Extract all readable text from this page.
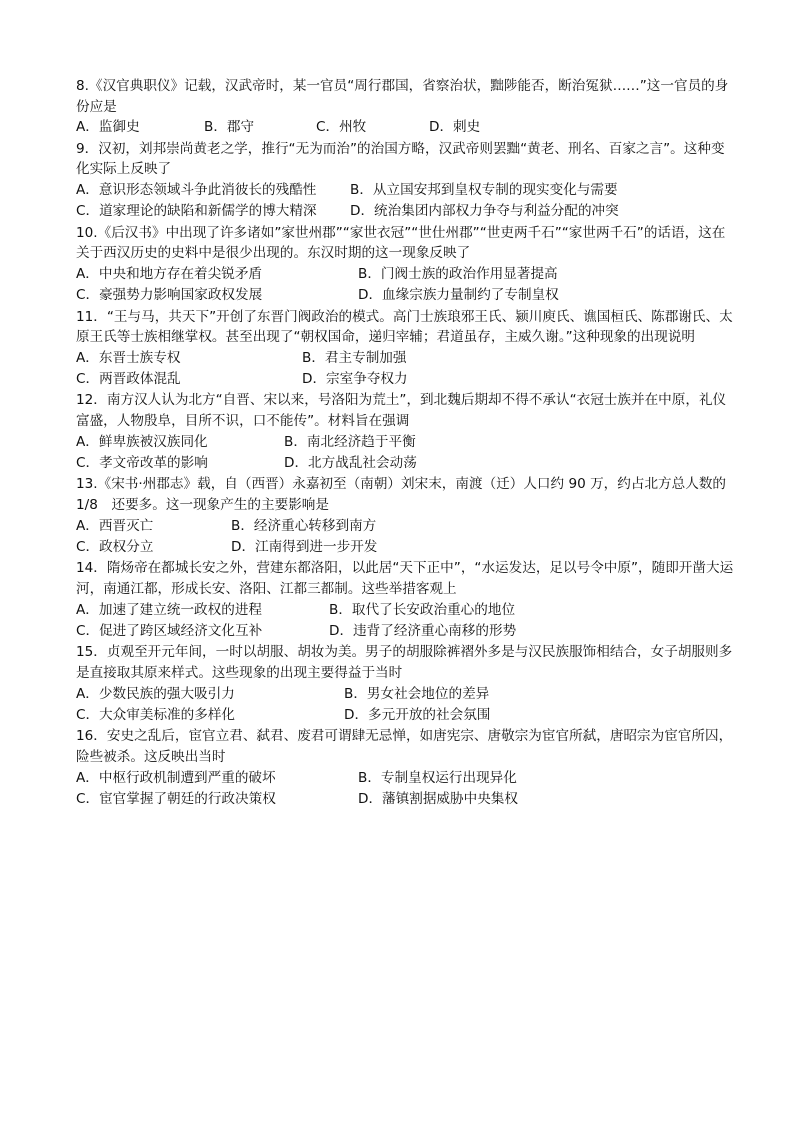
8.《汉官典职仪》记载，汉武帝时，某一官员“周行郡国，省察治状，黜陟能否，断治冤狱……”这一官员的身份应是
A．监御史	B．郡守	C．州牧	D．刺史
9．汉初，刘邦崇尚黄老之学，推行“无为而治”的治国方略，汉武帝则罢黜“黄老、刑名、百家之言”。这种变化实际上反映了
A．意识形态领域斗争此消彼长的残酷性 B．从立国安邦到皇权专制的现实变化与需要
C．道家理论的缺陷和新儒学的博大精深 D．统治集团内部权力争夺与利益分配的冲突
10.《后汉书》中出现了许多诸如”家世州郡”“家世衣冠”“世仕州郡”“世吏两千石”“家世两千石”的话语，这在关于西汉历史的史料中是很少出现的。东汉时期的这一现象反映了
A．中央和地方存在着尖锐矛盾	B．门阀士族的政治作用显著提高
C．豪强势力影响国家政权发展	D．血缘宗族力量制约了专制皇权
11．“王与马，共天下”开创了东晋门阀政治的模式。高门士族琅邪王氏、颍川庾氏、谯国桓氏、陈郡谢氏、太原王氏等士族相继掌权。甚至出现了“朝权国命，递归宰辅；君道虽存，主威久谢。”这种现象的出现说明
A．东晋士族专权	B．君主专制加强
C．两晋政体混乱	D．宗室争夺权力
12．南方汉人认为北方“自晋、宋以来，号洛阳为荒土”，到北魏后期却不得不承认“衣冠士族并在中原，礼仪富盛，人物殷阜，目所不识，口不能传”。材料旨在强调
A．鲜卑族被汉族同化	B．南北经济趋于平衡
C．孝文帝改革的影响	D．北方战乱社会动荡
13.《宋书·州郡志》载，自（西晋）永嘉初至（南朝）刘宋末，南渡（迁）人口约 90 万，约占北方总人数的 1/8　还要多。这一现象产生的主要影响是
A．西晋灭亡	B．经济重心转移到南方
C．政权分立	D．江南得到进一步开发
14．隋炀帝在都城长安之外，营建东都洛阳，以此居“天下正中”，“水运发达，足以号令中原”，随即开凿大运河，南通江都，形成长安、洛阳、江都三都制。这些举措客观上
A．加速了建立统一政权的进程	B．取代了长安政治重心的地位
C．促进了跨区域经济文化互补	D．违背了经济重心南移的形势
15．贞观至开元年间，一时以胡服、胡妆为美。男子的胡服除裤褶外多是与汉民族服饰相结合，女子胡服则多是直接取其原来样式。这些现象的出现主要得益于当时
A．少数民族的强大吸引力	B．男女社会地位的差异
C．大众审美标准的多样化	D．多元开放的社会氛围
16．安史之乱后，宦官立君、弑君、废君可谓肆无忌惮，如唐宪宗、唐敬宗为宦官所弑，唐昭宗为宦官所囚，险些被杀。这反映出当时
A．中枢行政机制遭到严重的破坏	B．专制皇权运行出现异化
C．宦官掌握了朝廷的行政决策权	D．藩镇割据威胁中央集权
